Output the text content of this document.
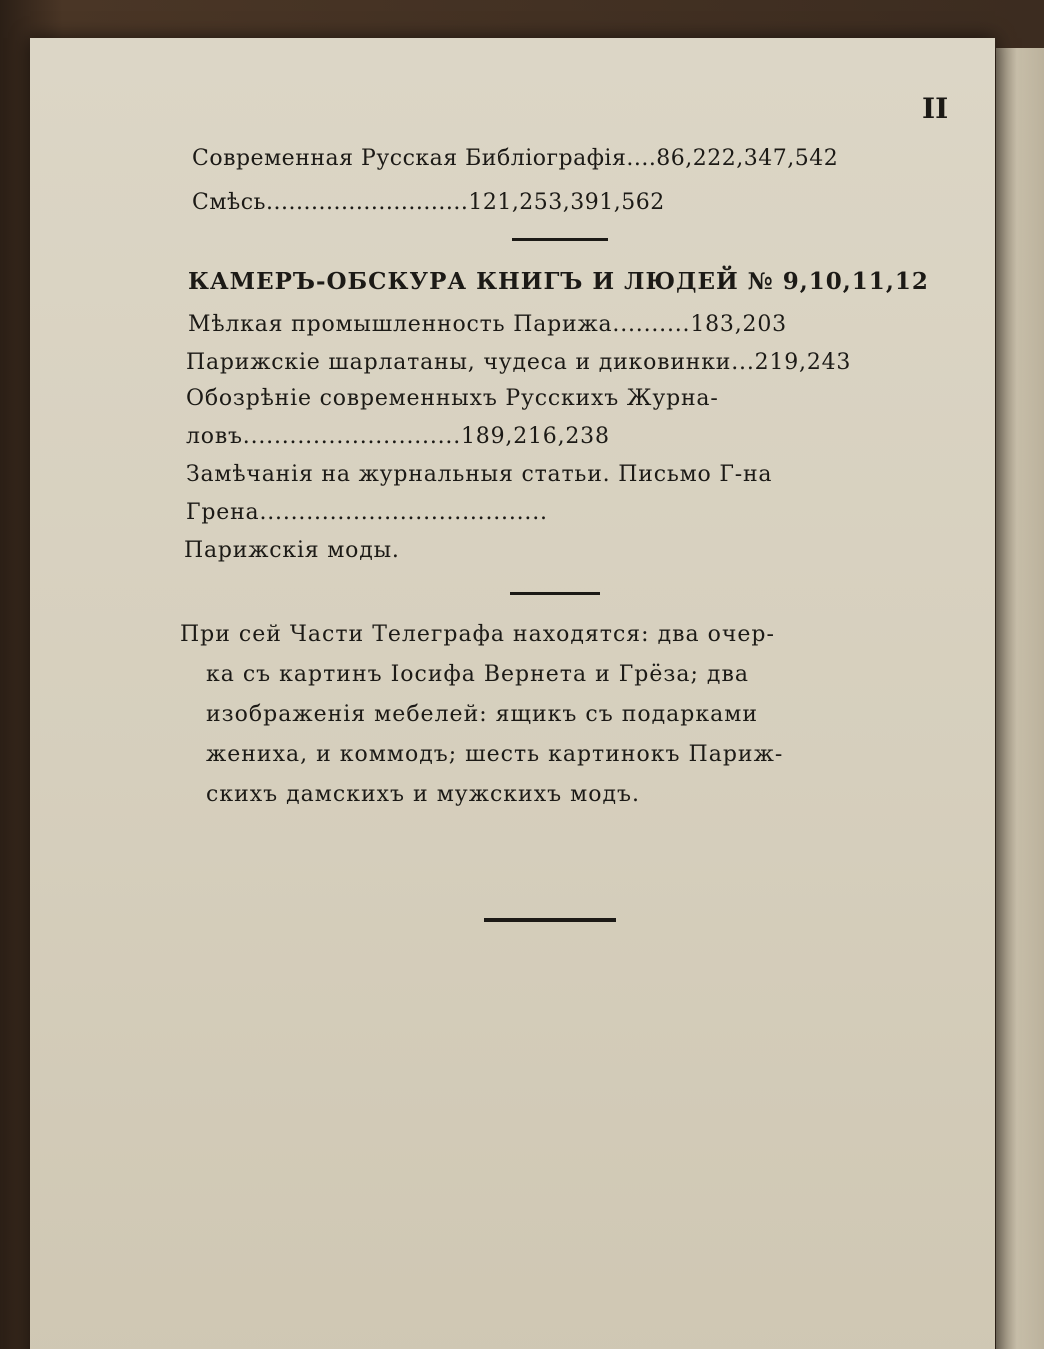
II
Современная Русская Библіографія....86,222,347,542
Смѣсь...........................121,253,391,562
КАМЕРЪ-ОБСКУРА КНИГЪ И ЛЮДЕЙ № 9,10,11,12
Мѣлкая промышленность Парижа..........183,203
Парижскіе шарлатаны, чудеса и диковинки...219,243
Обозрѣніе современныхъ Русскихъ Журна-
ловъ............................189,216,238
Замѣчанія на журнальныя статьи. Письмо Г-на
Грена.....................................
Парижскія моды.
При сей Части Телеграфа находятся: два очер-
ка съ картинъ Іосифа Вернета и Грёза; два
изображенія мебелей: ящикъ съ подарками
жениха, и коммодъ; шесть картинокъ Париж-
скихъ дамскихъ и мужскихъ модъ.
